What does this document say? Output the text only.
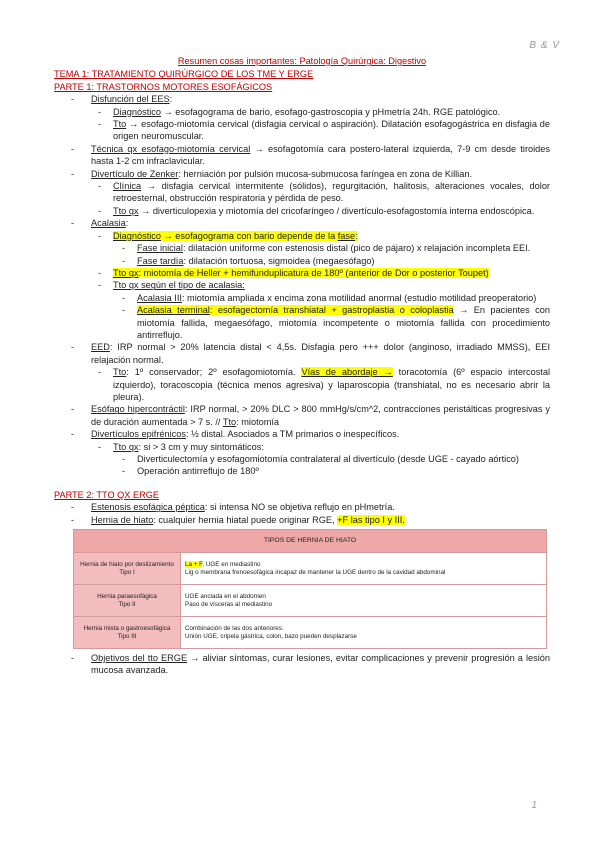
B & V
Resumen cosas importantes: Patología Quirúrgica: Digestivo
TEMA 1: TRATAMIENTO QUIRÚRGICO DE LOS TME Y ERGE
PARTE 1: TRASTORNOS MOTORES ESOFÁGICOS
- Disfunción del EES:
- Diagnóstico → esofagograma de bario, esofago-gastroscopia y pHmetría 24h. RGE patológico.
- Tto → esofago-miotomía cervical (disfagia cervical o aspiración). Dilatación esofagogástrica en disfagia de origen neuromuscular.
- Técnica qx esofago-miotomía cervical → esofagotomía cara postero-lateral izquierda, 7-9 cm desde tiroides hasta 1-2 cm infraclavicular.
- Divertículo de Zenker: herniación por pulsión mucosa-submucosa faríngea en zona de Killian.
- Clínica → disfagia cervical intermitente (sólidos), regurgitación, halitosis, alteraciones vocales, dolor retroesternal, obstrucción respiratoria y pérdida de peso.
- Tto qx → diverticulopexia y miotomía del cricofaríngeo / divertículo-esofagostomía interna endoscópica.
- Acalasia:
- Diagnóstico → esofagograma con bario depende de la fase:
- Fase inicial: dilatación uniforme con estenosis distal (pico de pájaro) x relajación incompleta EEI.
- Fase tardía: dilatación tortuosa, sigmoidea (megaesófago)
- Tto qx: miotomía de Heller + hemifunduplicatura de 180º (anterior de Dor o posterior Toupet)
- Tto qx según el tipo de acalasia:
- Acalasia III: miotomía ampliada x encima zona motilidad anormal (estudio motilidad preoperatorio)
- Acalasia terminal: esofagectomía transhiatal + gastroplastia o coloplastia → En pacientes con miotomía fallida, megaesófago, miotomía incompetente o miotomía fallida con procedimiento antirreflujo.
- EED: IRP normal > 20% latencia distal < 4,5s. Disfagia pero +++ dolor (anginoso, irradiado MMSS), EEI relajación normal.
- Tto: 1º conservador; 2º esofagomiotomía. Vías de abordaje → toracotomía (6º espacio intercostal izquierdo), toracoscopia (técnica menos agresiva) y laparoscopia (transhiatal, no es necesario abrir la pleura).
- Esófago hipercontráctil: IRP normal, > 20% DLC > 800 mmHg/s/cm^2, contracciones peristálticas progresivas y de duración aumentada > 7 s. // Tto: miotomía
- Divertículos epifrénicos: ½ distal. Asociados a TM primarios o inespecíficos.
- Tto qx: si > 3 cm y muy sintomáticos:
- Diverticulectomía y esofagomiotomía contralateral al divertículo (desde UGE - cayado aórtico)
- Operación antirreflujo de 180º
PARTE 2: TTO QX ERGE
- Estenosis esofágica péptica: si intensa NO se objetiva reflujo en pHmetría.
- Hernia de hiato: cualquier hernia hiatal puede originar RGE, +F las tipo I y III.
TIPOS DE HERNIA DE HIATO	
Hernia de hiato por deslizamiento
Tipo I	La + F. UGE en mediastino
Lig o membrana frenoesofágica incapaz de mantener la UGE dentro de la cavidad abdominal
Hernia paraesofágica
Tipo II	UGE anclada en el abdomen
Paso de vísceras al mediastino
Hernia mixta o gastroesofágica
Tipo III	Combinación de las dos anteriores:
Unión UGE, cripela gástrica, colon, bazo pueden desplazarse
- Objetivos del tto ERGE → aliviar síntomas, curar lesiones, evitar complicaciones y prevenir progresión a lesión mucosa avanzada.
1
